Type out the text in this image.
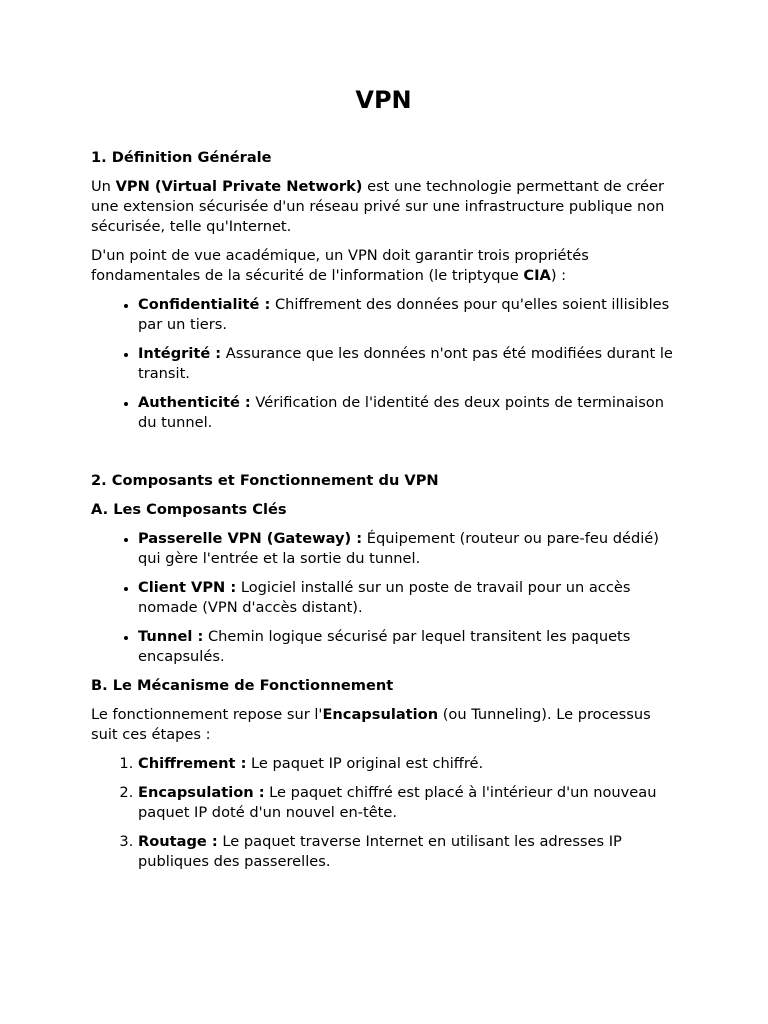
VPN
1. Définition Générale

Un VPN (Virtual Private Network) est une technologie permettant de créer une extension sécurisée d'un réseau privé sur une infrastructure publique non sécurisée, telle qu'Internet.

D'un point de vue académique, un VPN doit garantir trois propriétés fondamentales de la sécurité de l'information (le triptyque CIA) :

• Confidentialité : Chiffrement des données pour qu'elles soient illisibles par un tiers.
• Intégrité : Assurance que les données n'ont pas été modifiées durant le transit.
• Authenticité : Vérification de l'identité des deux points de terminaison du tunnel.
2. Composants et Fonctionnement du VPN
A. Les Composants Clés
• Passerelle VPN (Gateway) : Équipement (routeur ou pare-feu dédié) qui gère l'entrée et la sortie du tunnel.
• Client VPN : Logiciel installé sur un poste de travail pour un accès nomade (VPN d'accès distant).
• Tunnel : Chemin logique sécurisé par lequel transitent les paquets encapsulés.
B. Le Mécanisme de Fonctionnement

Le fonctionnement repose sur l'Encapsulation (ou Tunneling). Le processus suit ces étapes :

1. Chiffrement : Le paquet IP original est chiffré.
2. Encapsulation : Le paquet chiffré est placé à l'intérieur d'un nouveau paquet IP doté d'un nouvel en-tête.
3. Routage : Le paquet traverse Internet en utilisant les adresses IP publiques des passerelles.
